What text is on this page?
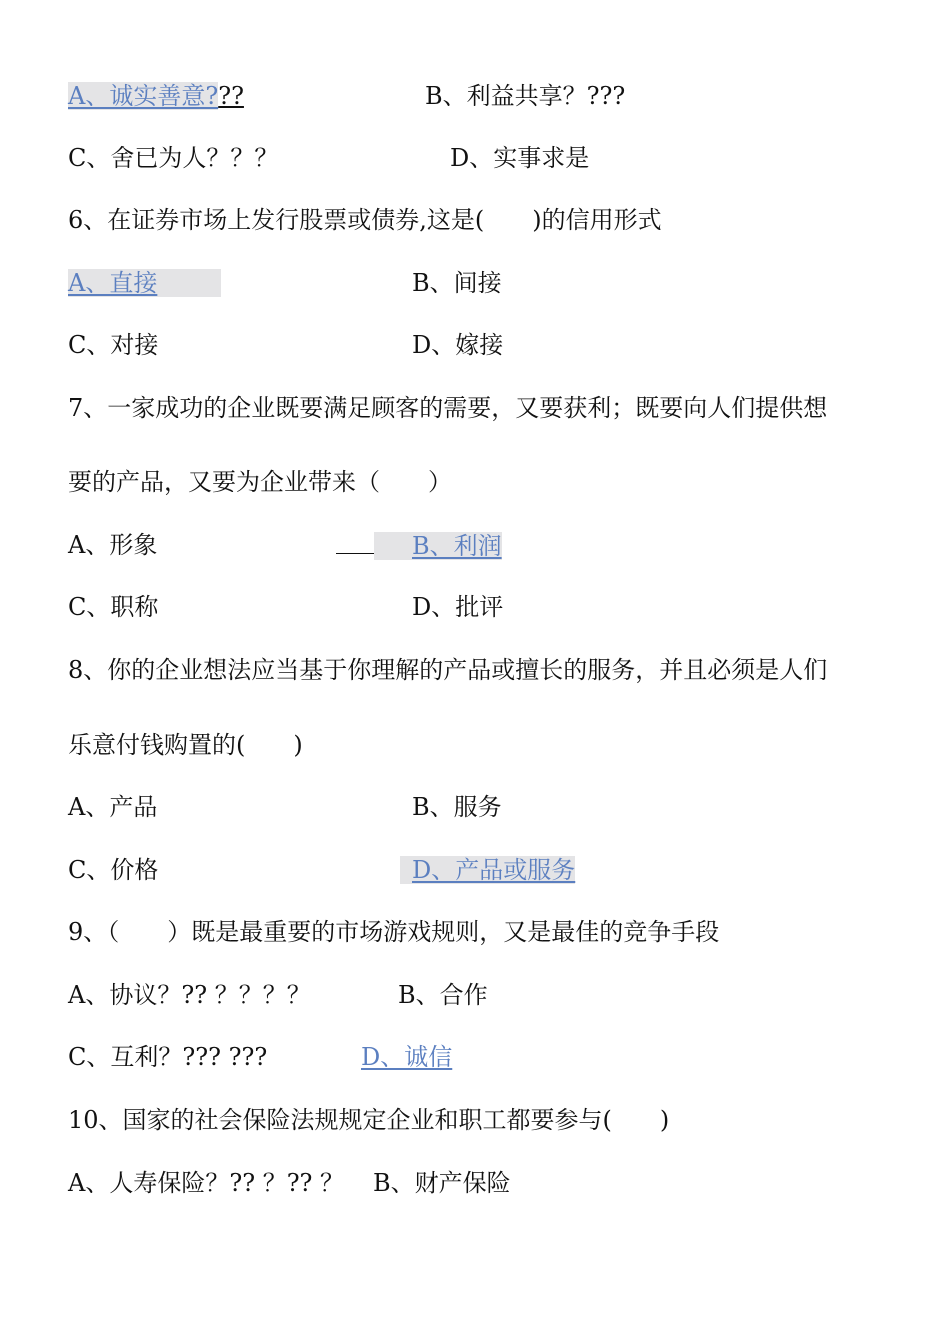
A、诚实善意???	B、利益共享？???
C、舍已为人？？？	D、实事求是
6、在证券市场上发行股票或债券,这是(　　)的信用形式
A、直接	B、间接
C、对接	D、嫁接
7、一家成功的企业既要满足顾客的需要，又要获利；既要向人们提供想
要的产品，又要为企业带来（　　）
A、形象	B、利润
C、职称	D、批评
8、你的企业想法应当基于你理解的产品或擅长的服务，并且必须是人们
乐意付钱购置的(　　)
A、产品	B、服务
C、价格	D、产品或服务
9、（　　）既是最重要的市场游戏规则，又是最佳的竞争手段
A、协议？?? ？？？？	B、合作
C、互利？??? ???	D、诚信
10、国家的社会保险法规规定企业和职工都要参与(　　)
A、人寿保险？?? ？?? ？ B、财产保险
